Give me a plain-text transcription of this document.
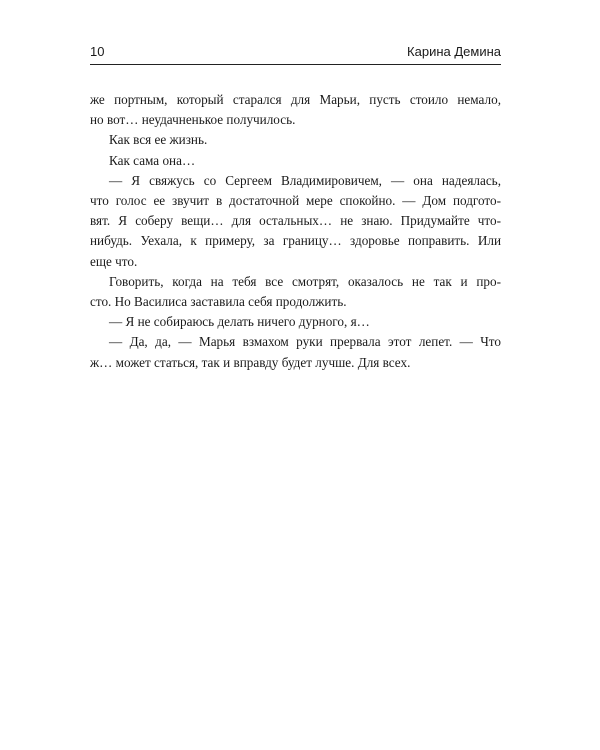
10	Карина Демина

же портным, который старался для Марьи, пусть стоило немало,

но вот… неудачненькое получилось.

Как вся ее жизнь.

Как сама она…

— Я свяжусь со Сергеем Владимировичем, — она надеялась,

что голос ее звучит в достаточной мере спокойно. — Дом подгото-

вят. Я соберу вещи… для остальных… не знаю. Придумайте что-

нибудь. Уехала, к примеру, за границу… здоровье поправить. Или

еще что.

Говорить, когда на тебя все смотрят, оказалось не так и про-

сто. Но Василиса заставила себя продолжить.

— Я не собираюсь делать ничего дурного, я…

— Да, да, — Марья взмахом руки прервала этот лепет. — Что

ж… может статься, так и вправду будет лучше. Для всех.
